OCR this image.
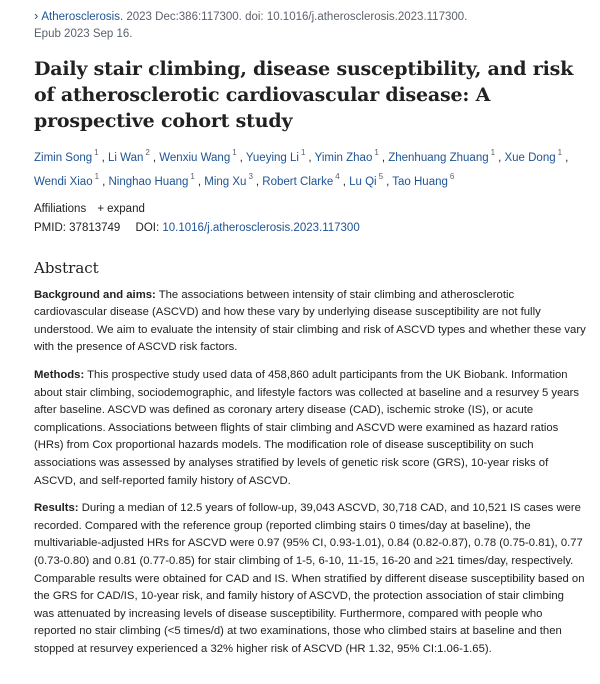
› Atherosclerosis. 2023 Dec:386:117300. doi: 10.1016/j.atherosclerosis.2023.117300.
Epub 2023 Sep 16.
Daily stair climbing, disease susceptibility, and risk of atherosclerotic cardiovascular disease: A prospective cohort study
Zimin Song $^1$ , Li Wan $^2$ , Wenxiu Wang $^1$ , Yueying Li $^1$ , Yimin Zhao $^1$ , Zhenhuang Zhuang $^1$ , Xue Dong $^1$ , Wendi Xiao $^1$ , Ninghao Huang $^1$ , Ming Xu $^3$ , Robert Clarke $^4$ , Lu Qi $^5$ , Tao Huang $^6$
Affiliations + expand
PMID: 37813749 DOI: 10.1016/j.atherosclerosis.2023.117300
Abstract

Background and aims: The associations between intensity of stair climbing and atherosclerotic cardiovascular disease (ASCVD) and how these vary by underlying disease susceptibility are not fully understood. We aim to evaluate the intensity of stair climbing and risk of ASCVD types and whether these vary with the presence of ASCVD risk factors.

Methods: This prospective study used data of 458,860 adult participants from the UK Biobank. Information about stair climbing, sociodemographic, and lifestyle factors was collected at baseline and a resurvey 5 years after baseline. ASCVD was defined as coronary artery disease (CAD), ischemic stroke (IS), or acute complications. Associations between flights of stair climbing and ASCVD were examined as hazard ratios (HRs) from Cox proportional hazards models. The modification role of disease susceptibility on such associations was assessed by analyses stratified by levels of genetic risk score (GRS), 10-year risks of ASCVD, and self-reported family history of ASCVD.

Results: During a median of 12.5 years of follow-up, 39,043 ASCVD, 30,718 CAD, and 10,521 IS cases were recorded. Compared with the reference group (reported climbing stairs 0 times/day at baseline), the multivariable-adjusted HRs for ASCVD were 0.97 (95% CI, 0.93-1.01), 0.84 (0.82-0.87), 0.78 (0.75-0.81), 0.77 (0.73-0.80) and 0.81 (0.77-0.85) for stair climbing of 1-5, 6-10, 11-15, 16-20 and ≥21 times/day, respectively. Comparable results were obtained for CAD and IS. When stratified by different disease susceptibility based on the GRS for CAD/IS, 10-year risk, and family history of ASCVD, the protection association of stair climbing was attenuated by increasing levels of disease susceptibility. Furthermore, compared with people who reported no stair climbing (<5 times/d) at two examinations, those who climbed stairs at baseline and then stopped at resurvey experienced a 32% higher risk of ASCVD (HR 1.32, 95% CI:1.06-1.65).
